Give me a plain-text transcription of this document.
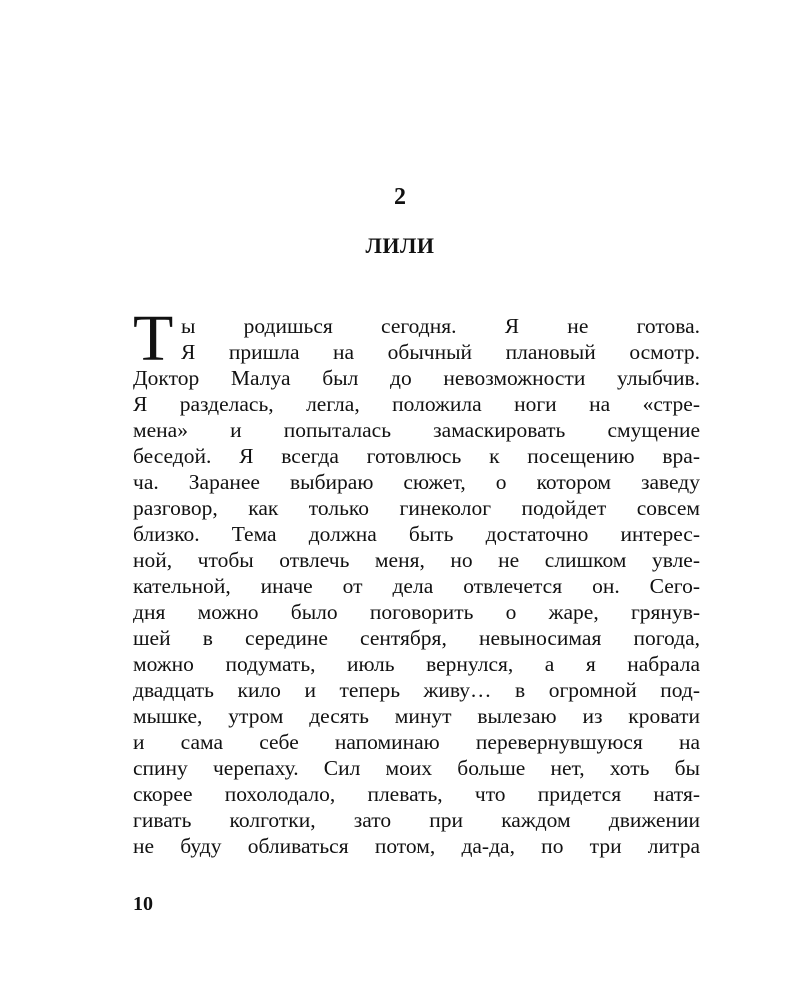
2
ЛИЛИ
Т ы родишься сегодня. Я не готова.
Я пришла на обычный плановый осмотр.
Доктор Малуа был до невозможности улыбчив.
Я разделась, легла, положила ноги на «стре-
мена» и попыталась замаскировать смущение
беседой. Я всегда готовлюсь к посещению вра-
ча. Заранее выбираю сюжет, о котором заведу
разговор, как только гинеколог подойдет совсем
близко. Тема должна быть достаточно интерес-
ной, чтобы отвлечь меня, но не слишком увле-
кательной, иначе от дела отвлечется он. Сего-
дня можно было поговорить о жаре, грянув-
шей в середине сентября, невыносимая погода,
можно подумать, июль вернулся, а я набрала
двадцать кило и теперь живу… в огромной под-
мышке, утром десять минут вылезаю из кровати
и сама себе напоминаю перевернувшуюся на
спину черепаху. Сил моих больше нет, хоть бы
скорее похолодало, плевать, что придется натя-
гивать колготки, зато при каждом движении
не буду обливаться потом, да-да, по три литра
10
